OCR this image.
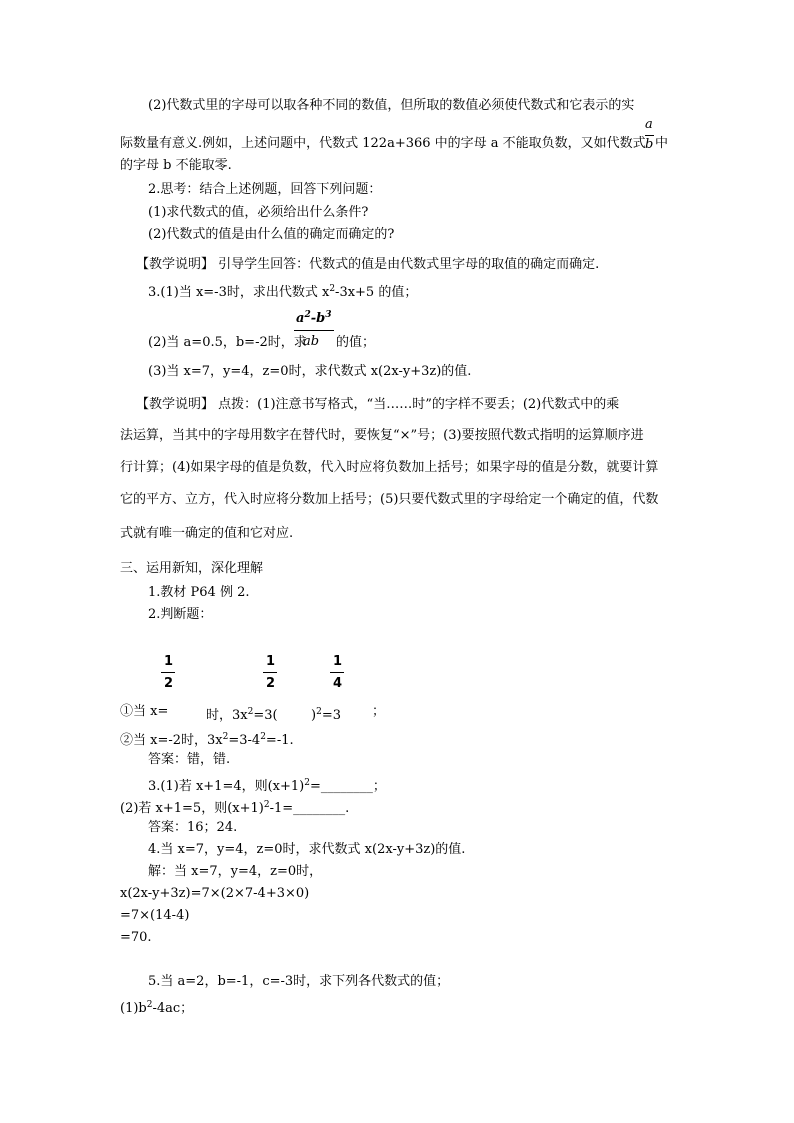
(2)代数式里的字母可以取各种不同的数值，但所取的数值必须使代数式和它表示的实
际数量有意义.例如，上述问题中，代数式 122a+366 中的字母 a 不能取负数，又如代数式
a
b 中
的字母 b 不能取零.
2.思考：结合上述例题，回答下列问题：
(1)求代数式的值，必须给出什么条件?
(2)代数式的值是由什么值的确定而确定的?
【教学说明】 引导学生回答：代数式的值是由代数式里字母的取值的确定而确定.
3.(1)当 x=-3时，求出代数式 $x^2-3x+5$ 的值；
$a^2-b^3$
ab
(2)当 a=0.5，b=-2时，求 的值；
(3)当 x=7，y=4，z=0时，求代数式 x(2x-y+3z)的值.
【教学说明】 点拨：(1)注意书写格式，“当……时”的字样不要丢；(2)代数式中的乘
法运算，当其中的字母用数字在替代时，要恢复“×”号；(3)要按照代数式指明的运算顺序进
行计算；(4)如果字母的值是负数，代入时应将负数加上括号；如果字母的值是分数，就要计算
它的平方、立方，代入时应将分数加上括号；(5)只要代数式里的字母给定一个确定的值，代数
式就有唯一确定的值和它对应.
三、运用新知，深化理解
1.教材 P64 例 2.
2.判断题：
1
2
1
2
1
4
①当 x=	时，$3x^2=3$(	)$^2$=3 ；
②当 x=-2时，$3x^2=3-4^2=-1$.
答案：错，错.
3.(1)若 x+1=4，则$(x+1)^2=\_\_\_\_\_\_\_\_$；
(2)若 x+1=5，则$(x+1)^2-1=\_\_\_\_\_\_\_\_$.
答案：16；24.
4.当 x=7，y=4，z=0时，求代数式 x(2x-y+3z)的值.
解：当 x=7，y=4，z=0时，
x(2x-y+3z)=7×(2×7-4+3×0)
=7×(14-4)
=70.
5.当 a=2，b=-1，c=-3时，求下列各代数式的值；
$(1)b^2-4ac$；
